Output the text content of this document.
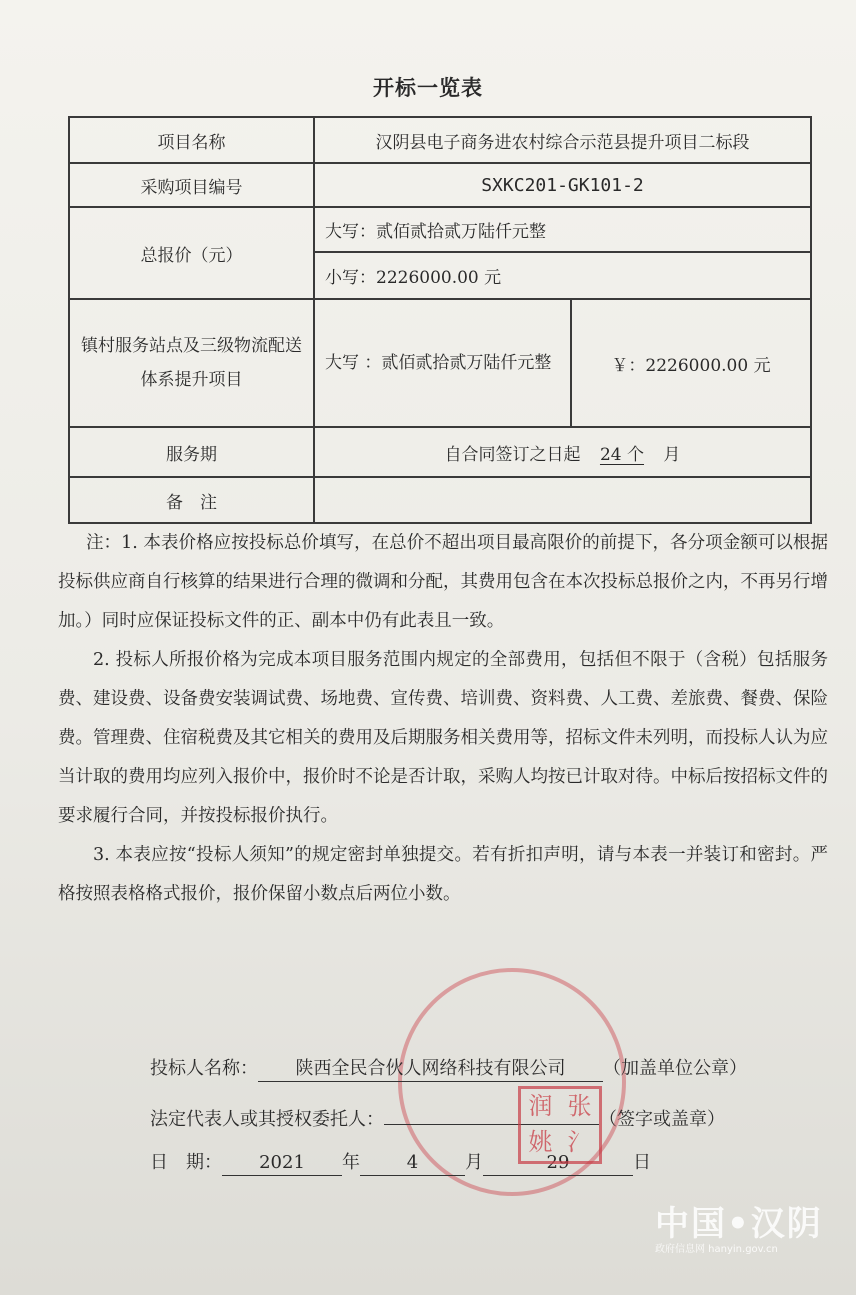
开标一览表
项目名称	汉阴县电子商务进农村综合示范县提升项目二标段	
采购项目编号	SXKC201-GK101-2	
总报价（元）	大写：贰佰贰拾贰万陆仟元整	
	小写：2226000.00 元	
镇村服务站点及三级物流配送体系提升项目	大写 ：贰佰贰拾贰万陆仟元整	￥：2226000.00 元
服务期	自合同签订之日起 24 个 月	
备　注		

注：1. 本表价格应按投标总价填写，在总价不超出项目最高限价的前提下，各分项金额可以根据投标供应商自行核算的结果进行合理的微调和分配，其费用包含在本次投标总报价之内，不再另行增加。）同时应保证投标文件的正、副本中仍有此表且一致。

2. 投标人所报价格为完成本项目服务范围内规定的全部费用，包括但不限于（含税）包括服务费、建设费、设备费安装调试费、场地费、宣传费、培训费、资料费、人工费、差旅费、餐费、保险费。管理费、住宿税费及其它相关的费用及后期服务相关费用等，招标文件未列明，而投标人认为应当计取的费用均应列入报价中，报价时不论是否计取，采购人均按已计取对待。中标后按招标文件的要求履行合同，并按投标报价执行。

3. 本表应按“投标人须知”的规定密封单独提交。若有折扣声明，请与本表一并装订和密封。严格按照表格格式报价，报价保留小数点后两位小数。

投标人名称： 陕西全民合伙人网络科技有限公司 （加盖单位公章）
法定代表人或其授权委托人：	（签字或盖章）
日　期： 2021 年	4	月	29	日
润 张
姚 氵
中国•汉阴
政府信息网 hanyin.gov.cn
